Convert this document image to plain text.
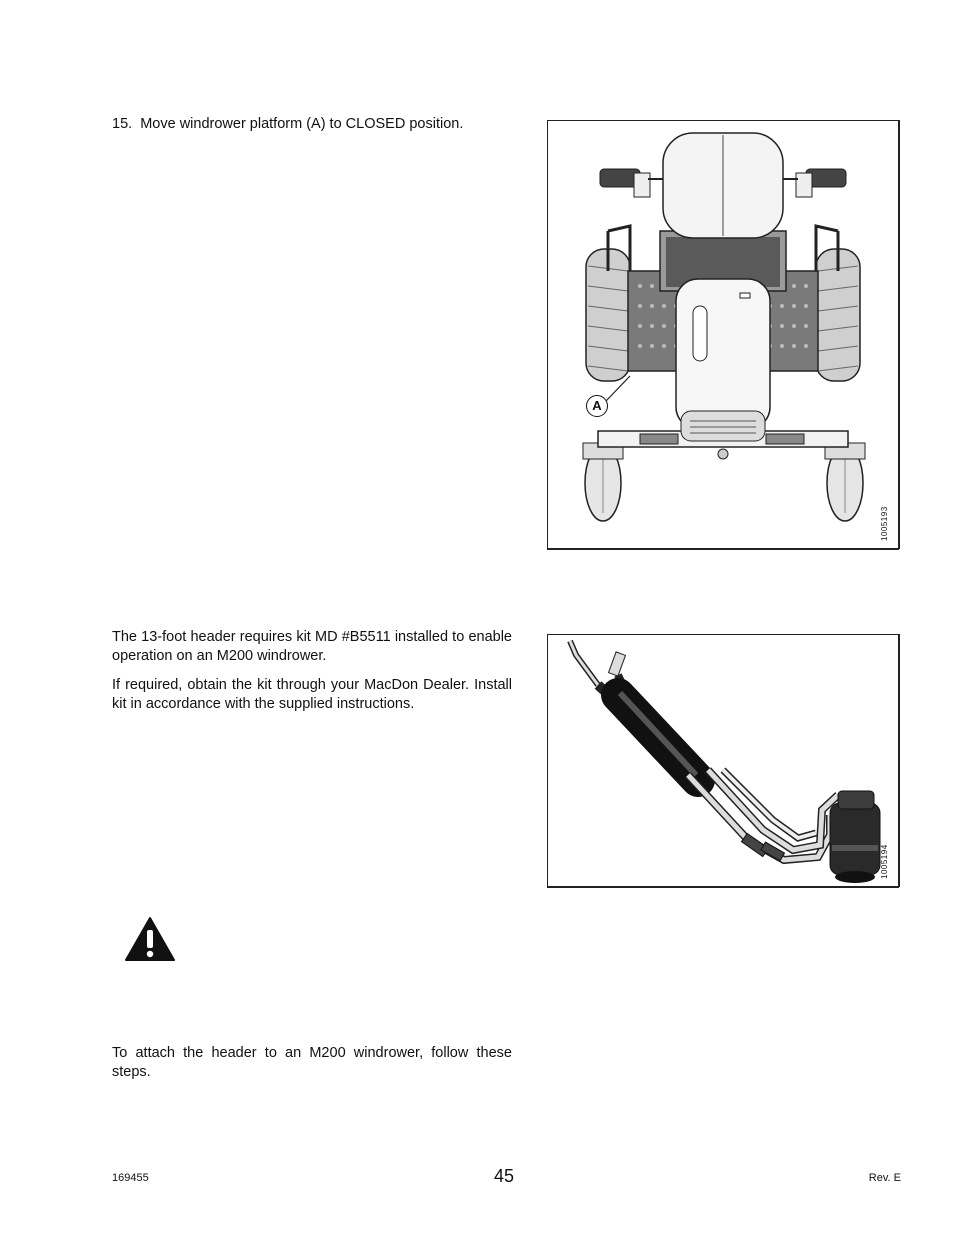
15. Move windrower platform (A) to CLOSED position.
A
1005193
The 13-foot header requires kit MD #B5511 installed to enable operation on an M200 windrower.
If required, obtain the kit through your MacDon Dealer. Install kit in accordance with the supplied instructions.
1005194
To attach the header to an M200 windrower, follow these steps.
169455	45	Rev. E
